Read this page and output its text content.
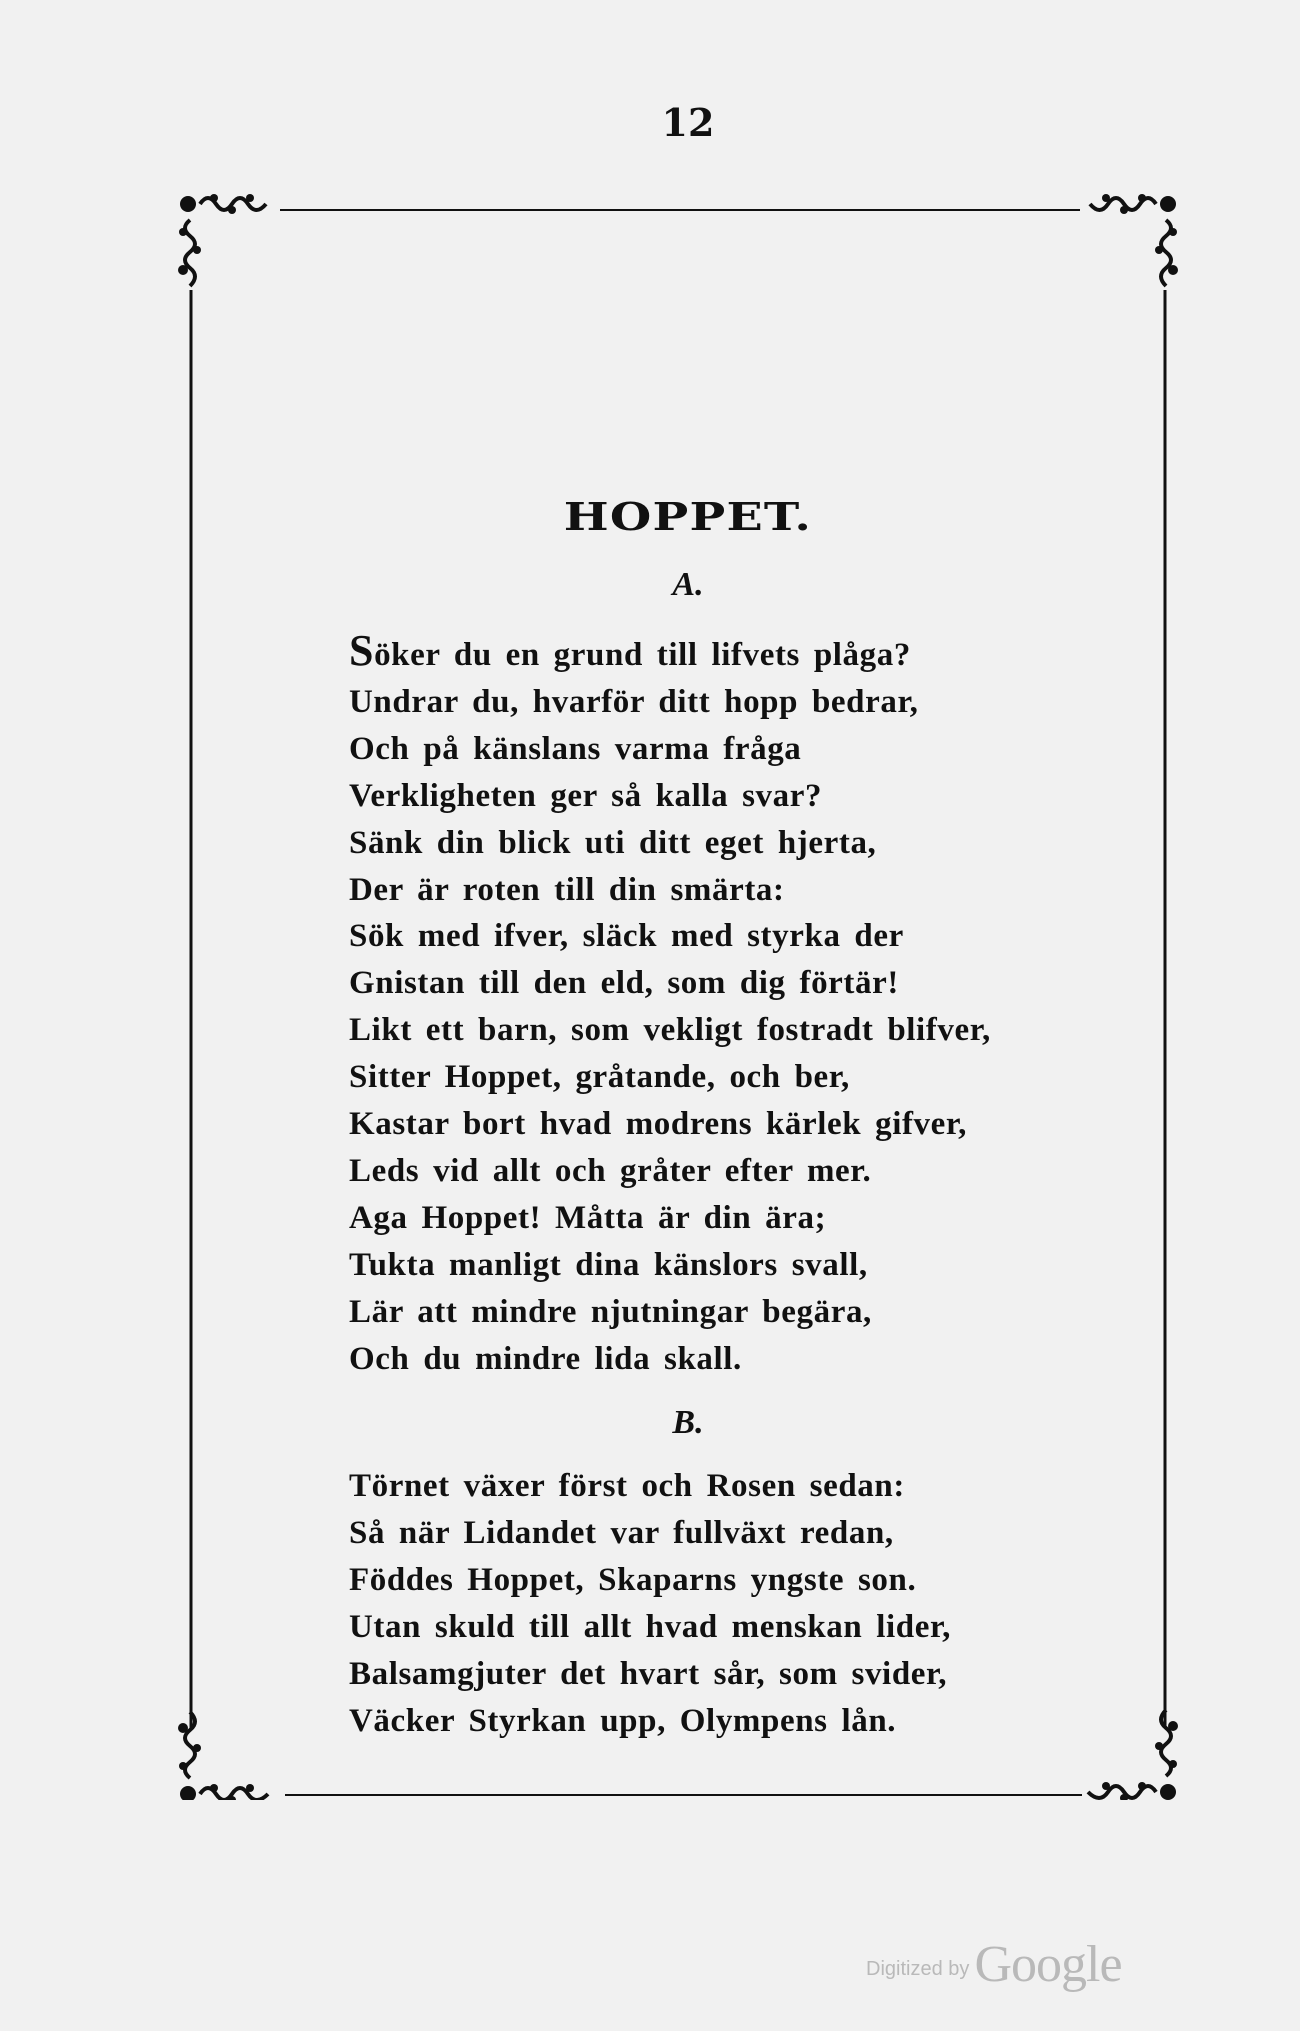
12
HOPPET.
A.
Söker du en grund till lifvets plåga?
Undrar du, hvarför ditt hopp bedrar,
Och på känslans varma fråga
Verkligheten ger så kalla svar?
Sänk din blick uti ditt eget hjerta,
Der är roten till din smärta:
Sök med ifver, släck med styrka der
Gnistan till den eld, som dig förtär!
Likt ett barn, som vekligt fostradt blifver,
Sitter Hoppet, gråtande, och ber,
Kastar bort hvad modrens kärlek gifver,
Leds vid allt och gråter efter mer.
Aga Hoppet! Måtta är din ära;
Tukta manligt dina känslors svall,
Lär att mindre njutningar begära,
Och du mindre lida skall.
B.
Törnet växer först och Rosen sedan:
Så när Lidandet var fullväxt redan,
Föddes Hoppet, Skaparns yngste son.
Utan skuld till allt hvad menskan lider,
Balsamgjuter det hvart sår, som svider,
Väcker Styrkan upp, Olympens lån.
Digitized by Google
